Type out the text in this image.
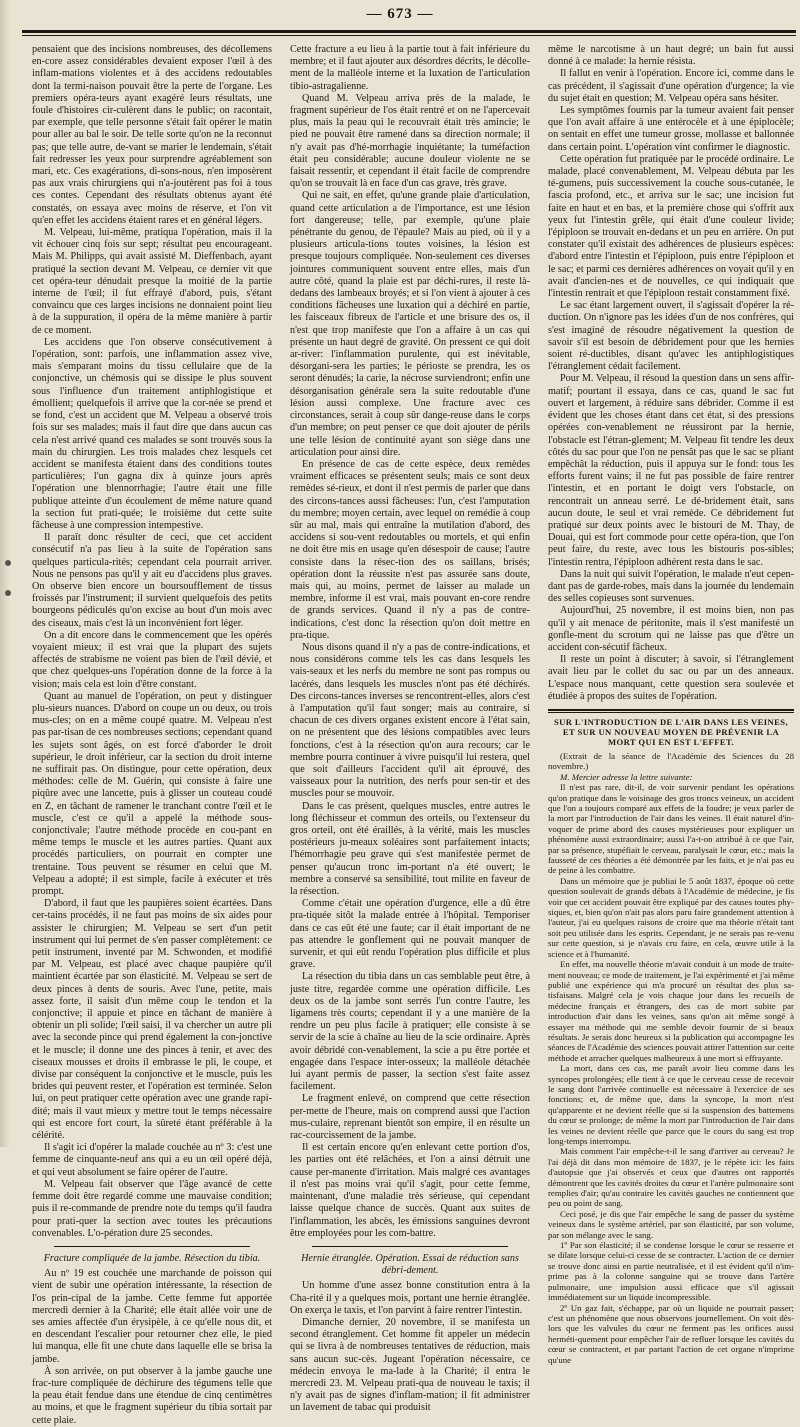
— 673 —

pensaient que des incisions nombreuses, des décollemens en-core assez considérables devaient exposer l'œil à des inflam-mations violentes et à des accidens redoutables dont la termi-naison pouvait être la perte de l'organe. Les premiers opéra-teurs ayant exagéré leurs résultats, une foule d'histoires cir-culèrent dans le public; on racontait, par exemple, que telle personne s'était fait opérer le matin pour aller au bal le soir. De telle sorte qu'on ne la reconnut pas; que telle autre, de-vant se marier le lendemain, s'était fait redresser les yeux pour surprendre agréablement son mari, etc. Ces exagérations, di-sons-nous, n'en imposèrent pas aux vrais chirurgiens qui n'a-joutèrent pas foi à tous ces contes. Cependant des résultats obtenus ayant été constatés, on essaya avec moins de réserve, et l'on vit qu'en effet les accidens étaient rares et en général légers.

M. Velpeau, lui-même, pratiqua l'opération, mais il la vit échouer cinq fois sur sept; résultat peu encourageant. Mais M. Philipps, qui avait assisté M. Dieffenbach, ayant pratiqué la section devant M. Velpeau, ce dernier vit que cet opéra-teur dénudait presque la moitié de la partie interne de l'œil; il fut effrayé d'abord, puis, s'étant convaincu que ces larges incisions ne donnaient point lieu à de la suppuration, il opéra de la même manière à partir de ce moment.

Les accidens que l'on observe consécutivement à l'opération, sont: parfois, une inflammation assez vive, mais s'emparant moins du tissu cellulaire que de la conjonctive, un chémosis qui se dissipe le plus souvent sous l'influence d'un traitement antiphlogistique et émollient; quelquefois il arrive que la cor-née se prend et se fond, c'est un accident que M. Velpeau a observé trois fois sur ses malades; mais il faut dire que dans aucun cas cela n'est arrivé quand ces malades se sont trouvés sous la main du chirurgien. Les trois malades chez lesquels cet accident se manifesta étaient dans des conditions toutes particulières; l'un gagna dix à quinze jours après l'opération une blennorrhagie; l'autre était une fille publique atteinte d'un écoulement de même nature quand la section fut prati-quée; le troisième dut cette suite fâcheuse à une compression intempestive.

Il paraît donc résulter de ceci, que cet accident consécutif n'a pas lieu à la suite de l'opération sans quelques particula-rités; cependant cela pourrait arriver. Nous ne pensons pas qu'il y ait eu d'accidens plus graves. On observe bien encore un boursoufflement de tissus froissés par l'instrument; il survient quelquefois des petits bourgeons pédiculés qu'on excise au bout d'un mois avec des ciseaux, mais c'est là un inconvénient fort léger.

On a dit encore dans le commencement que les opérés voyaient mieux; il est vrai que la plupart des sujets affectés de strabisme ne voient pas bien de l'œil dévié, et que chez quelques-uns l'opération donne de la force à la vision; mais cela est loin d'être constant.

Quant au manuel de l'opération, on peut y distinguer plu-sieurs nuances. D'abord on coupe un ou deux, ou trois mus-cles; on en a même coupé quatre. M. Velpeau n'est pas par-tisan de ces nombreuses sections; cependant quand les sujets sont âgés, on est forcé d'aborder le droit supérieur, le droit inférieur, car la section du droit interne ne suffirait pas. On distingue, pour cette opération, deux méthodes: celle de M. Guérin, qui consiste à faire une piqûre avec une lancette, puis à glisser un couteau coudé en Z, en tâchant de ramener le tranchant contre l'œil et le muscle, c'est ce qu'il a appelé la méthode sous-conjonctivale; l'autre méthode procède en cou-pant en même temps le muscle et les autres parties. Quant aux procédés particuliers, on pourrait en compter une trentaine. Tous peuvent se résumer en celui que M. Velpeau a adopté; il est simple, facile à exécuter et très prompt.

D'abord, il faut que les paupières soient écartées. Dans cer-tains procédés, il ne faut pas moins de six aides pour assister le chirurgien; M. Velpeau se sert d'un petit instrument qui lui permet de s'en passer complètement: ce petit instrument, inventé par M. Schwonden, et modifié par M. Velpeau, est placé avec chaque paupière qu'il maintient écartée par son élasticité. M. Velpeau se sert de deux pinces à dents de souris. Avec l'une, petite, mais assez forte, il saisit d'un même coup le tendon et la conjonctive; il appuie et pince en tâchant de manière à obtenir un pli solide; l'œil saisi, il va chercher un autre pli avec la seconde pince qui prend également la con-jonctive et le muscle; il donne une des pinces à tenir, et avec des ciseaux mousses et droits il embrasse le pli, le coupe, et divise par conséquent la conjonctive et le muscle, puis les brides qui peuvent rester, et l'opération est terminée. Selon lui, on peut pratiquer cette opération avec une grande rapi-dité; mais il vaut mieux y mettre tout le temps nécessaire qui est encore fort court, la sûreté étant préférable à la célérité.

Il s'agit ici d'opérer la malade couchée au nº 3: c'est une femme de cinquante-neuf ans qui a eu un œil opéré déjà, et qui veut absolument se faire opérer de l'autre.

M. Velpeau fait observer que l'âge avancé de cette femme doit être regardé comme une mauvaise condition; puis il re-commande de prendre note du temps qu'il faudra pour prati-quer la section avec toutes les précautions convenables. L'o-pération dure 25 secondes.

Fracture compliquée de la jambe. Résection du tibia.

Au nº 19 est couchée une marchande de poisson qui vient de subir une opération intéressante, la résection de l'os prin-cipal de la jambe. Cette femme fut apportée mercredi dernier à la Charité; elle était allée voir une de ses amies affectée d'un érysipèle, à ce qu'elle nous dit, et en descendant l'escalier pour retourner chez elle, le pied lui manqua, elle fit une chute dans laquelle elle se brisa la jambe.

À son arrivée, on put observer à la jambe gauche une frac-ture compliquée de déchirure des tégumens telle que la peau était fendue dans une étendue de cinq centimètres au moins, et que le fragment supérieur du tibia sortait par cette plaie.

Cette fracture a eu lieu à la partie tout à fait inférieure du membre; et il faut ajouter aux désordres décrits, le décolle-ment de la malléole interne et la luxation de l'articulation tibio-astragalienne.

Quand M. Velpeau arriva près de la malade, le fragment supérieur de l'os était rentré et on ne l'apercevait plus, mais la peau qui le recouvrait était très amincie; le pied ne pouvait être ramené dans sa direction normale; il n'y avait pas d'hé-morrhagie inquiétante; la tuméfaction était peu considérable; aucune douleur violente ne se faisait ressentir, et cependant il était facile de comprendre qu'on se trouvait là en face d'un cas grave, très grave.

Qui ne sait, en effet, qu'une grande plaie d'articulation, quand cette articulation a de l'importance, est une lésion fort dangereuse; telle, par exemple, qu'une plaie pénétrante du genou, de l'épaule? Mais au pied, où il y a plusieurs articula-tions toutes voisines, la lésion est presque toujours compliquée. Non-seulement ces diverses jointures communiquent souvent entre elles, mais d'un autre côté, quand la plaie est par déchi-rures, il reste là-dedans des lambeaux broyés; et si l'on vient à ajouter à ces conditions fâcheuses une luxation qui a déchiré en partie, les faisceaux fibreux de l'article et une brisure des os, il n'est que trop manifeste que l'on a affaire à un cas qui présente un haut degré de gravité. On pressent ce qui doit ar-river: l'inflammation purulente, qui est inévitable, désorgani-sera les parties; le périoste se prendra, les os seront dénudés; la carie, la nécrose surviendront; enfin une désorganisation générale sera la suite redoutable d'une lésion aussi complexe. Une fracture avec ces circonstances, serait à coup sûr dange-reuse dans le corps d'un membre; on peut penser ce que doit ajouter de périls une telle lésion de continuité ayant son siège dans une articulation pour ainsi dire.

En présence de cas de cette espèce, deux remèdes vraiment efficaces se présentent seuls; mais ce sont deux remèdes sé-rieux, et dont il n'est permis de parler que dans des circons-tances aussi fâcheuses: l'un, c'est l'amputation du membre; moyen certain, avec lequel on remédie à coup sûr au mal, mais qui entraîne la mutilation d'abord, des accidens si sou-vent redoutables ou mortels, et qui enfin ne doit être mis en usage qu'en désespoir de cause; l'autre consiste dans la résec-tion des os saillans, brisés; opération dont la réussite n'est pas assurée sans doute, mais qui, au moins, permet de laisser au malade un membre, informe il est vrai, mais pouvant en-core rendre de grands services. Quand il n'y a pas de contre-indications, c'est donc la résection qu'on doit mettre en pra-tique.

Nous disons quand il n'y a pas de contre-indications, et nous considérons comme tels les cas dans lesquels les vais-seaux et les nerfs du membre ne sont pas rompus ou lacérés, dans lesquels les muscles n'ont pas été déchirés. Des circons-tances inverses se rencontrent-elles, alors c'est à l'amputation qu'il faut songer; mais au contraire, si chacun de ces divers organes existent encore à l'état sain, on ne présentent que des lésions compatibles avec leurs fonctions, c'est à la résection qu'on aura recours; car le membre pourra continuer à vivre puisqu'il lui restera, quel que soit d'ailleurs l'accident qu'il ait éprouvé, des vaisseaux pour la nutrition, des nerfs pour sen-tir et des muscles pour se mouvoir.

Dans le cas présent, quelques muscles, entre autres le long fléchisseur et commun des orteils, ou l'extenseur du gros orteil, ont été éraillés, à la vérité, mais les muscles postérieurs ju-meaux soléaires sont parfaitement intacts; l'hémorrhagie peu grave qui s'est manifestée permet de penser qu'aucun tronc im-portant n'a été ouvert; le membre a conservé sa sensibilité, tout milite en faveur de la résection.

Comme c'était une opération d'urgence, elle a dû être pra-tiquée sitôt la malade entrée à l'hôpital. Temporiser dans ce cas eût été une faute; car il était important de ne pas attendre le gonflement qui ne pouvait manquer de survenir, et qui eût rendu l'opération plus difficile et plus grave.

La résection du tibia dans un cas semblable peut être, à juste titre, regardée comme une opération difficile. Les deux os de la jambe sont serrés l'un contre l'autre, les ligamens très courts; cependant il y a une manière de la rendre un peu plus facile à pratiquer; elle consiste à se servir de la scie à chaîne au lieu de la scie ordinaire. Après avoir débridé con-venablement, la scie a pu être portée et engagée dans l'espace inter-osseux; la malléole détachée lui ayant permis de passer, la section s'est faite assez facilement.

Le fragment enlevé, on comprend que cette résection per-mette de l'heure, mais on comprend aussi que l'action mus-culaire, reprenant bientôt son empire, il en résulte un rac-courcissement de la jambe.

Il est certain encore qu'en enlevant cette portion d'os, les parties ont été relâchées, et l'on a ainsi détruit une cause per-manente d'irritation. Mais malgré ces avantages il n'est pas moins vrai qu'il s'agit, pour cette femme, maintenant, d'une maladie très sérieuse, qui cependant laisse quelque chance de succès. Quant aux suites de l'inflammation, les abcès, les émissions sanguines devront être employées pour les com-battre.

Hernie étranglée. Opération. Essai de réduction sans débri-dement.

Un homme d'une assez bonne constitution entra à la Cha-rité il y a quelques mois, portant une hernie étranglée. On exerça le taxis, et l'on parvint à faire rentrer l'intestin.

Dimanche dernier, 20 novembre, il se manifesta un second étranglement. Cet homme fit appeler un médecin qui se livra à de nombreuses tentatives de réduction, mais sans aucun suc-cès. Jugeant l'opération nécessaire, ce médecin envoya le ma-lade à la Charité; il entra le mercredi 23. M. Velpeau prati-qua de nouveau le taxis; il n'y avait pas de signes d'inflam-mation; il fit administrer un lavement de tabac qui produisit

même le narcotisme à un haut degré; un bain fut aussi donné à ce malade: la hernie résista.

Il fallut en venir à l'opération. Encore ici, comme dans le cas précédent, il s'agissait d'une opération d'urgence; la vie du sujet était en question; M. Velpeau opéra sans hésiter.

Les symptômes fournis par la tumeur avaient fait penser que l'on avait affaire à une entérocèle et à une épiplocèle; on sentait en effet une tumeur grosse, mollasse et ballonnée dans certain point. L'opération vint confirmer le diagnostic.

Cette opération fut pratiquée par le procédé ordinaire. Le malade, placé convenablement, M. Velpeau débuta par les té-gumens, puis successivement la couche sous-cutanée, le fascia profond, etc., et arriva sur le sac; une incision fut faite en haut et en bas, et la première chose qui s'offrit aux yeux fut l'intestin grêle, qui était d'une couleur livide; l'épiploon se trouvait en-dedans et un peu en arrière. On put constater qu'il existait des adhérences de plusieurs espèces: d'abord entre l'intestin et l'épiploon, puis entre l'épiploon et le sac; et parmi ces dernières adhérences on voyait qu'il y en avait d'ancien-nes et de nouvelles, ce qui indiquait que l'intestin rentrait et que l'épiploon restait constamment fixé.

Le sac étant largement ouvert, il s'agissait d'opérer la ré-duction. On n'ignore pas les idées d'un de nos confrères, qui s'est imaginé de résoudre négativement la question de savoir s'il est besoin de débridement pour que les hernies soient ré-ductibles, disant qu'avec les antiphlogistiques l'étranglement cédait facilement.

Pour M. Velpeau, il résoud la question dans un sens affir-matif; pourtant il essaya, dans ce cas, quand le sac fut ouvert et largement, à réduire sans débrider. Comme il est évident que les choses étant dans cet état, si des pressions opérées con-venablement ne réussiront par la hernie, l'obstacle est l'étran-glement; M. Velpeau fit tendre les deux côtés du sac pour que l'on ne pensât pas que le sac se pliant empêchât la réduction, puis il appuya sur le fond: tous les efforts furent vains; il ne fut pas possible de faire rentrer l'intestin, et en portant le doigt vers l'obstacle, on rencontrait un anneau serré. Le dé-bridement était, sans aucun doute, le seul et vrai remède. Ce débridement fut pratiqué sur deux points avec le bistouri de M. Thay, de Douai, qui est fort commode pour cette opéra-tion, que l'on peut faire, du reste, avec tous les bistouris pos-sibles; l'intestin rentra, l'épiploon adhérent resta dans le sac.

Dans la nuit qui suivit l'opération, le malade n'eut cepen-dant pas de garde-robes, mais dans la journée du lendemain des selles copieuses sont survenues.

Aujourd'hui, 25 novembre, il est moins bien, non pas qu'il y ait menace de péritonite, mais il s'est manifesté un gonfle-ment du scrotum qui ne laisse pas que d'être un accident con-sécutif fâcheux.

Il reste un point à discuter; à savoir, si l'étranglement avait lieu par le collet du sac ou par un des anneaux. L'espace nous manquant, cette question sera soulevée et étudiée à propos des suites de l'opération.

SUR L'INTRODUCTION DE L'AIR DANS LES VEINES, ET SUR UN NOUVEAU MOYEN DE PRÉVENIR LA MORT QUI EN EST L'EFFET.

(Extrait de la séance de l'Académie des Sciences du 28 novembre.)

M. Mercier adresse la lettre suivante:

Il n'est pas rare, dit-il, de voir survenir pendant les opérations qu'on pratique dans le voisinage des gros troncs veineux, un accident que l'on a toujours comparé aux effets de la foudre; je veux parler de la mort par l'introduction de l'air dans les veines. Il était naturel d'in-voquer de prime abord des causes mystérieuses pour expliquer un phénomène aussi extraordinaire; aussi l'a-t-on attribué à ce que l'air, par sa présence, stupéfiait le cerveau, paralysait le cœur, etc.; mais la fausseté de ces théories a été démontrée par les faits, et je n'ai pas eu de peine à les combattre.

Dans un mémoire que je publiai le 5 août 1837, époque où cette question soulevait de grands débats à l'Académie de médecine, je fis voir que cet accident pouvait être expliqué par des causes toutes phy-siques, et, bien qu'on n'ait pas alors paru faire grandement attention à l'auteur, j'ai eu quelques raisons de croire que ma théorie n'était tant soit peu utilisée dans les esprits. Cependant, je ne serais pas re-venu sur cette question, si je n'avais cru faire, en cela, œuvre utile à la science et à l'humanité.

En effet, ma nouvelle théorie m'avait conduit à un mode de traite-ment nouveau; ce mode de traitement, je l'ai expérimenté et j'ai même publié une expérience qui m'a procuré un résultat des plus sa-tisfaisans. Malgré cela je vois chaque jour dans les recueils de médecine français et étrangers, des cas de mort subite par introduction d'air dans les veines, sans qu'on ait même songé à essayer ma méthode qui me semble devoir fournir de si beaux résultats. Je serais donc heureux si la publication qui accompagne les séances de l'Académie des sciences pouvait attirer l'attention sur cette méthode et arracher quelques malheureux à une mort si effrayante.

La mort, dans ces cas, me paraît avoir lieu comme dans les syncopes prolongées; elle tient à ce que le cerveau cesse de recevoir le sang dont l'arrivée continuelle est nécessaire à l'exercice de ses fonctions; et, de même que, dans la syncope, la mort n'est qu'apparente et ne devient réelle que si la suspension des battemens du cœur se prolonge; de même la mort par l'introduction de l'air dans les veines ne devient réelle que parce que le cours du sang est trop long-temps interrompu.

Mais comment l'air empêche-t-il le sang d'arriver au cerveau? Je l'ai déjà dit dans mon mémoire de 1837, je le répète ici: les faits d'autopsie que j'ai observés et ceux que d'autres ont rapportés démontrent que les cavités droites du cœur et l'artère pulmonaire sont remplies d'air; qu'au contraire les cavités gauches ne contiennent que peu ou point de sang.

Ceci posé, je dis que l'air empêche le sang de passer du système veineux dans le système artériel, par son élasticité, par son volume, par son mélange avec le sang.

1º Par son élasticité; il se condense lorsque le cœur se resserre et se dilate lorsque celui-ci cesse de se contracter. L'action de ce dernier se trouve donc ainsi en partie neutralisée, et il est évident qu'il n'im-prime pas à la colonne sanguine qui se trouve dans l'artère pulmonaire, une impulsion aussi efficace que s'il agissait immédiatement sur un liquide incompressible.

2º Un gaz fait, s'échappe, par où un liquide ne pourrait passer; c'est un phénomène que nous observons journellement. On voit dès-lors que les valvules du cœur ne ferment pas les orifices aussi herméti-quement pour empêcher l'air de refluer lorsque les cavités du cœur se contractent, et par partant l'action de cet organe n'imprime qu'une
